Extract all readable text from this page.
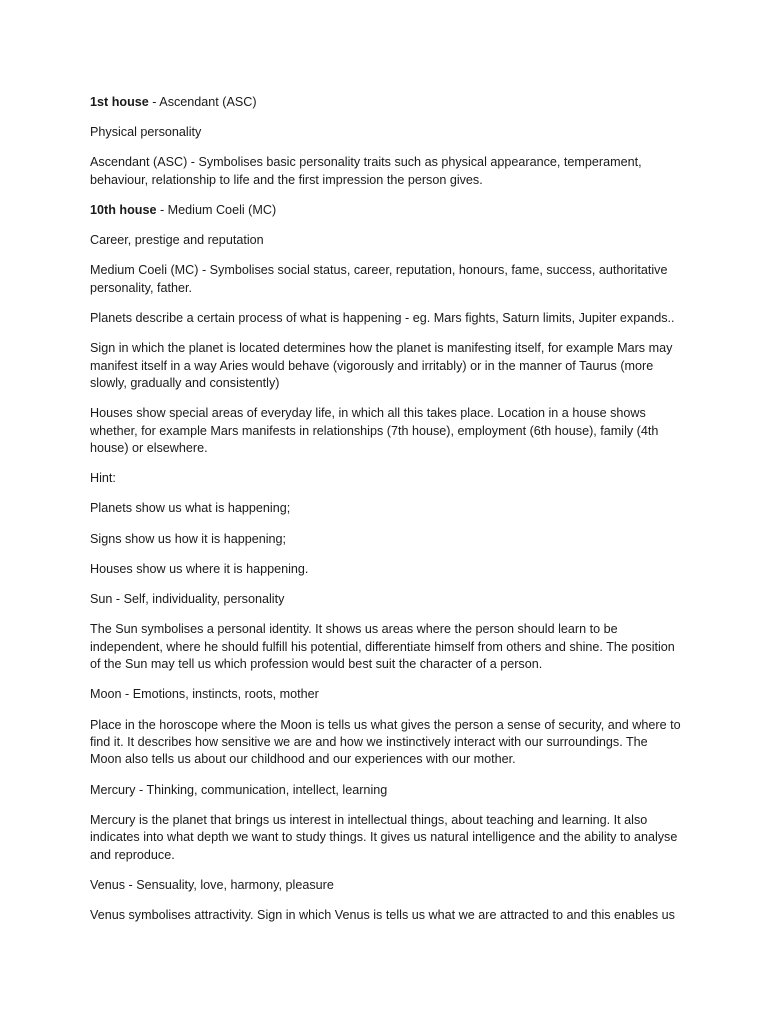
1st house - Ascendant (ASC)

Physical personality

Ascendant (ASC) - Symbolises basic personality traits such as physical appearance, temperament, behaviour, relationship to life and the first impression the person gives.

10th house - Medium Coeli (MC)

Career, prestige and reputation

Medium Coeli (MC) - Symbolises social status, career, reputation, honours, fame, success, authoritative personality, father.

Planets describe a certain process of what is happening - eg. Mars fights, Saturn limits, Jupiter expands..

Sign in which the planet is located determines how the planet is manifesting itself, for example Mars may manifest itself in a way Aries would behave (vigorously and irritably) or in the manner of Taurus (more slowly, gradually and consistently)

Houses show special areas of everyday life, in which all this takes place. Location in a house shows whether, for example Mars manifests in relationships (7th house), employment (6th house), family (4th house) or elsewhere.

Hint:

Planets show us what is happening;

Signs show us how it is happening;

Houses show us where it is happening.

Sun - Self, individuality, personality

The Sun symbolises a personal identity. It shows us areas where the person should learn to be independent, where he should fulfill his potential, differentiate himself from others and shine. The position of the Sun may tell us which profession would best suit the character of a person.

Moon - Emotions, instincts, roots, mother

Place in the horoscope where the Moon is tells us what gives the person a sense of security, and where to find it. It describes how sensitive we are and how we instinctively interact with our surroundings. The Moon also tells us about our childhood and our experiences with our mother.

Mercury - Thinking, communication, intellect, learning

Mercury is the planet that brings us interest in intellectual things, about teaching and learning. It also indicates into what depth we want to study things. It gives us natural intelligence and the ability to analyse and reproduce.

Venus - Sensuality, love, harmony, pleasure

Venus symbolises attractivity. Sign in which Venus is tells us what we are attracted to and this enables us
